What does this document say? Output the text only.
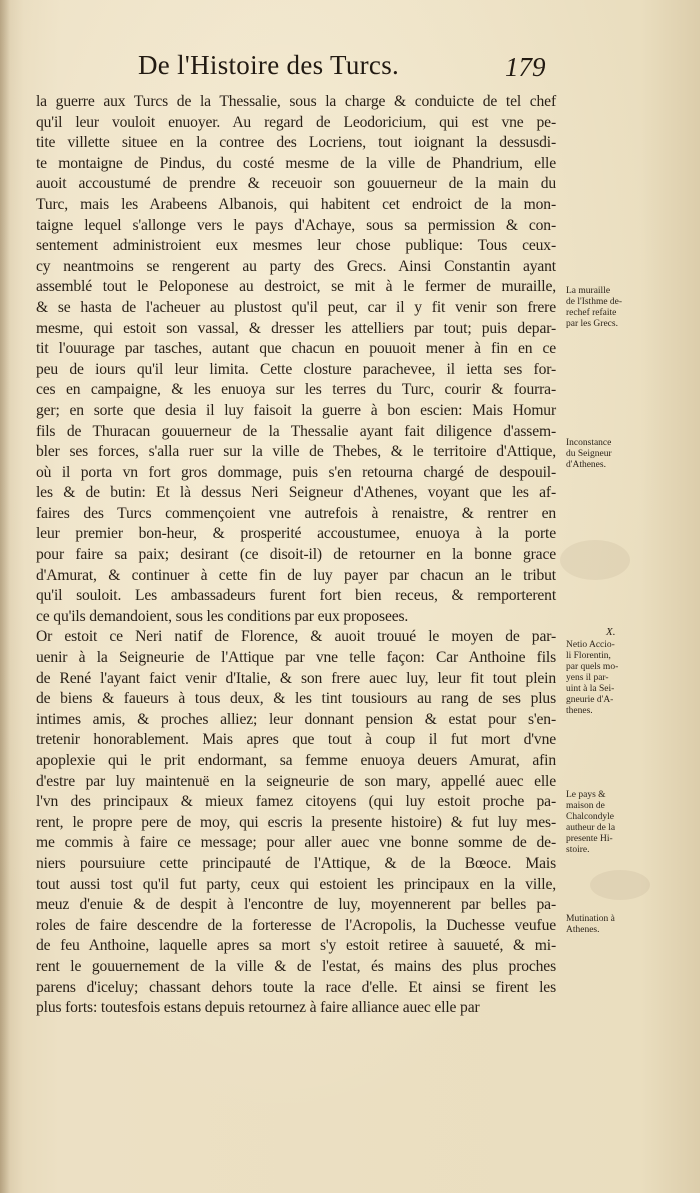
De l'Histoire des Turcs.	179
la guerre aux Turcs de la Thessalie, sous la charge & conduicte de tel chef
qu'il leur vouloit enuoyer. Au regard de Leodoricium, qui est vne pe-
tite villette situee en la contree des Locriens, tout ioignant la dessusdi-
te montaigne de Pindus, du costé mesme de la ville de Phandrium, elle
auoit accoustumé de prendre & receuoir son gouuerneur de la main du
Turc, mais les Arabeens Albanois, qui habitent cet endroict de la mon-
taigne lequel s'allonge vers le pays d'Achaye, sous sa permission & con-
sentement administroient eux mesmes leur chose publique: Tous ceux-
cy neantmoins se rengerent au party des Grecs. Ainsi Constantin ayant
assemblé tout le Peloponese au destroict, se mit à le fermer de muraille,
& se hasta de l'acheuer au plustost qu'il peut, car il y fit venir son frere
mesme, qui estoit son vassal, & dresser les attelliers par tout; puis depar-
tit l'ouurage par tasches, autant que chacun en pouuoit mener à fin en ce
peu de iours qu'il leur limita. Cette closture parachevee, il ietta ses for-
ces en campaigne, & les enuoya sur les terres du Turc, courir & fourra-
ger; en sorte que desia il luy faisoit la guerre à bon escien: Mais Homur
fils de Thuracan gouuerneur de la Thessalie ayant fait diligence d'assem-
bler ses forces, s'alla ruer sur la ville de Thebes, & le territoire d'Attique,
où il porta vn fort gros dommage, puis s'en retourna chargé de despouil-
les & de butin: Et là dessus Neri Seigneur d'Athenes, voyant que les af-
faires des Turcs commençoient vne autrefois à renaistre, & rentrer en
leur premier bon-heur, & prosperité accoustumee, enuoya à la porte
pour faire sa paix; desirant (ce disoit-il) de retourner en la bonne grace
d'Amurat, & continuer à cette fin de luy payer par chacun an le tribut
qu'il souloit. Les ambassadeurs furent fort bien receus, & remporterent
ce qu'ils demandoient, sous les conditions par eux proposees.
Or estoit ce Neri natif de Florence, & auoit trouué le moyen de par-
uenir à la Seigneurie de l'Attique par vne telle façon: Car Anthoine fils
de René l'ayant faict venir d'Italie, & son frere auec luy, leur fit tout plein
de biens & faueurs à tous deux, & les tint tousiours au rang de ses plus
intimes amis, & proches alliez; leur donnant pension & estat pour s'en-
tretenir honorablement. Mais apres que tout à coup il fut mort d'vne
apoplexie qui le prit endormant, sa femme enuoya deuers Amurat, afin
d'estre par luy maintenuë en la seigneurie de son mary, appellé auec elle
l'vn des principaux & mieux famez citoyens (qui luy estoit proche pa-
rent, le propre pere de moy, qui escris la presente histoire) & fut luy mes-
me commis à faire ce message; pour aller auec vne bonne somme de de-
niers poursuiure cette principauté de l'Attique, & de la Bœoce. Mais
tout aussi tost qu'il fut party, ceux qui estoient les principaux en la ville,
meuz d'enuie & de despit à l'encontre de luy, moyennerent par belles pa-
roles de faire descendre de la forteresse de l'Acropolis, la Duchesse veufue
de feu Anthoine, laquelle apres sa mort s'y estoit retiree à sauueté, & mi-
rent le gouuernement de la ville & de l'estat, és mains des plus proches
parens d'iceluy; chassant dehors toute la race d'elle. Et ainsi se firent les
plus forts: toutesfois estans depuis retournez à faire alliance auec elle par
La muraille
de l'Isthme de-
rechef refaite
par les Grecs.
Inconstance
du Seigneur
d'Athenes.
X.
Netio Accio-
li Florentin,
par quels mo-
yens il par-
uint à la Sei-
gneurie d'A-
thenes.
Le pays &
maison de
Chalcondyle
autheur de la
presente Hi-
stoire.
Mutination à
Athenes.
